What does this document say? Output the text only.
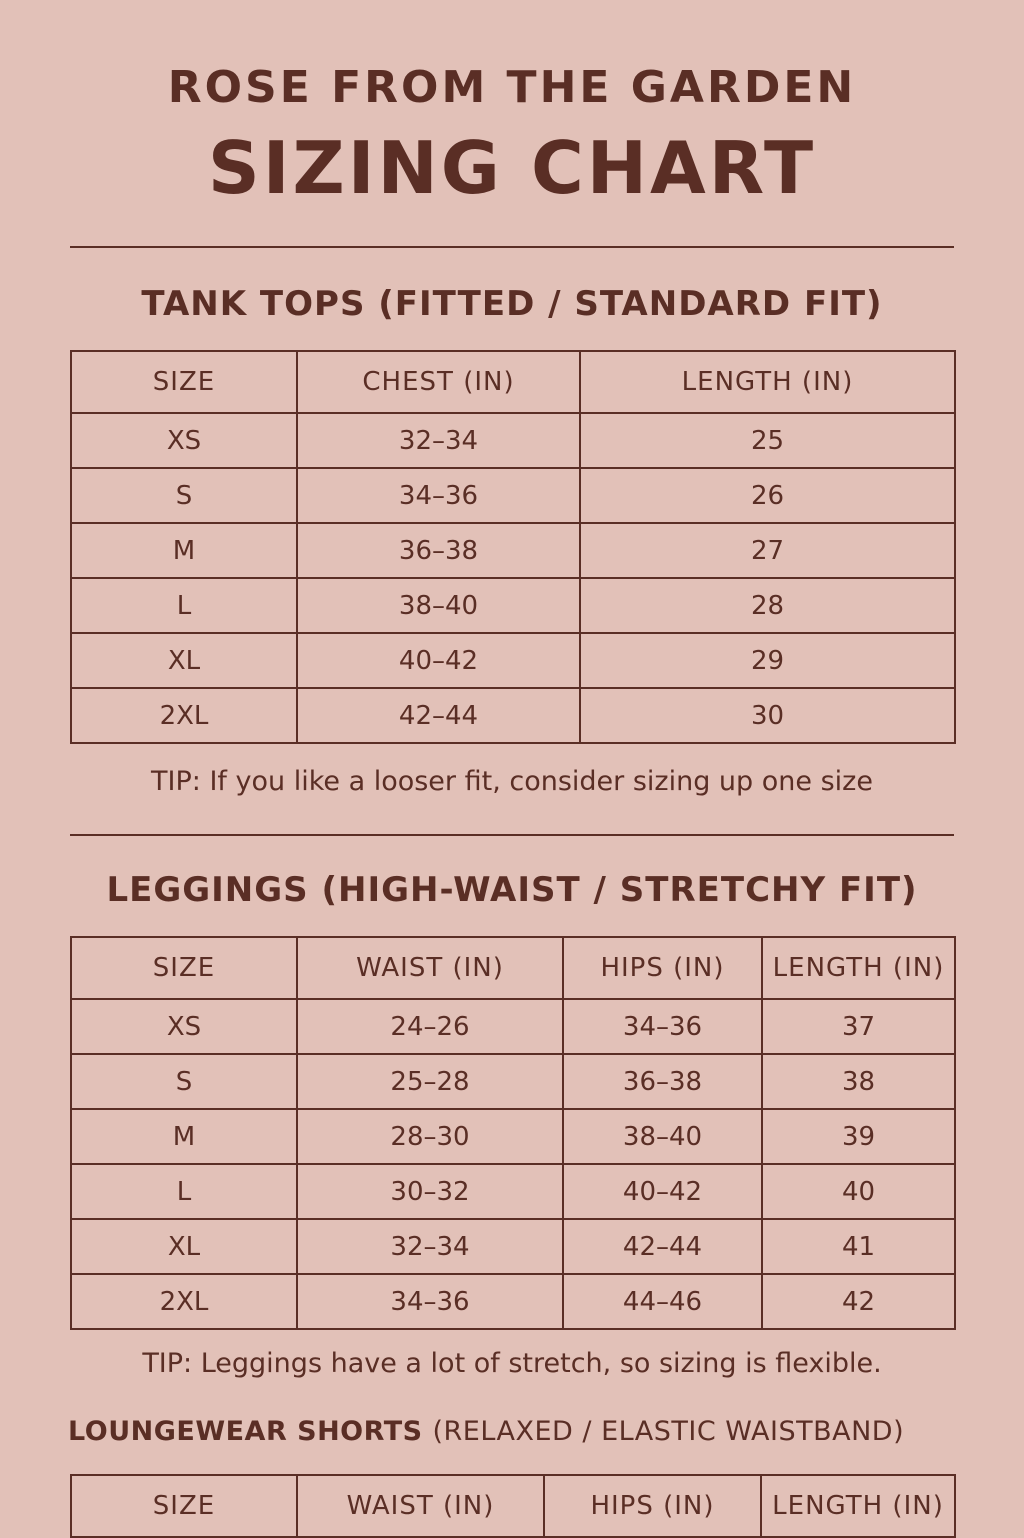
ROSE FROM THE GARDEN
SIZING CHART
TANK TOPS (FITTED / STANDARD FIT)
SIZE	CHEST (IN)	LENGTH (IN)
XS	32–34	25
S	34–36	26
M	36–38	27
L	38–40	28
XL	40–42	29
2XL	42–44	30
TIP: If you like a looser fit, consider sizing up one size
LEGGINGS (HIGH-WAIST / STRETCHY FIT)
SIZE	WAIST (IN)	HIPS (IN)	LENGTH (IN)
XS	24–26	34–36	37
S	25–28	36–38	38
M	28–30	38–40	39
L	30–32	40–42	40
XL	32–34	42–44	41
2XL	34–36	44–46	42
TIP: Leggings have a lot of stretch, so sizing is flexible.
LOUNGEWEAR SHORTS (RELAXED / ELASTIC WAISTBAND)
SIZE	WAIST (IN)	HIPS (IN)	LENGTH (IN)
